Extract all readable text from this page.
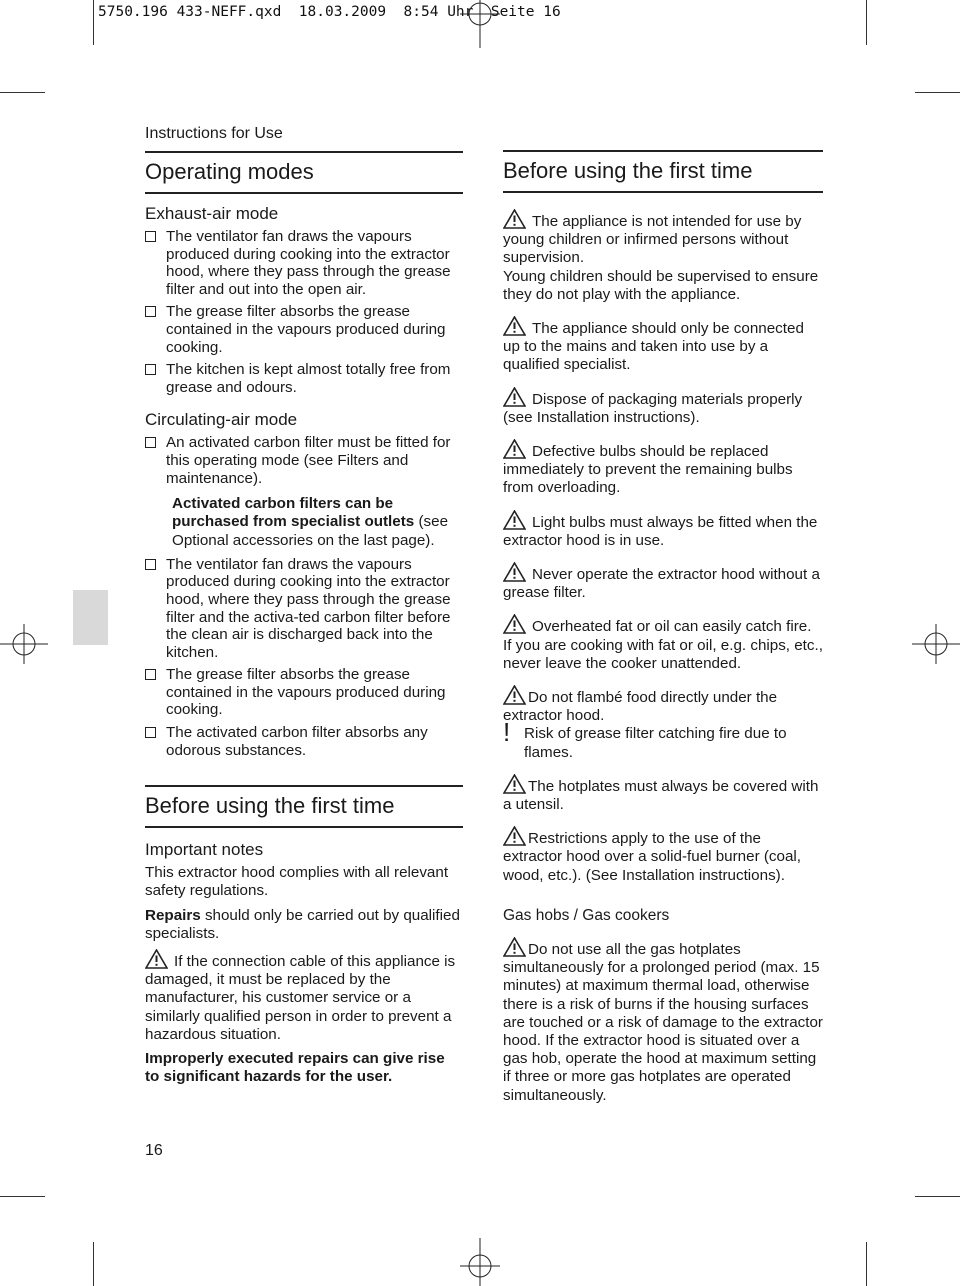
5750.196 433-NEFF.qxd  18.03.2009  8:54 Uhr  Seite 16
Instructions for Use
Operating modes
Exhaust-air mode
The ventilator fan draws the vapours produced during cooking into the extractor hood, where they pass through the grease filter and out into the open air.
The grease filter absorbs the grease contained in the vapours produced during cooking.
The kitchen is kept almost totally free from grease and odours.
Circulating-air mode
An activated carbon filter must be fitted for this operating mode (see Filters and maintenance).

Activated carbon filters can be purchased from specialist outlets (see Optional accessories on the last page).

The ventilator fan draws the vapours produced during cooking into the extractor hood, where they pass through the grease filter and the activa-ted carbon filter before the clean air is discharged back into the kitchen.
The grease filter absorbs the grease contained in the vapours produced during cooking.
The activated carbon filter absorbs any odorous substances.
Before using the first time
Important notes

This extractor hood complies with all relevant safety regulations.

Repairs should only be carried out by qualified specialists.

If the connection cable of this appliance is damaged, it must be replaced by the manufacturer, his customer service or a similarly qualified person in order to prevent a hazardous situation.

Improperly executed repairs can give rise to significant hazards for the user.

16
Before using the first time

The appliance is not intended for use by young children or infirmed persons without supervision.

Young children should be supervised to ensure they do not play with the appliance.

The appliance should only be connected up to the mains and taken into use by a qualified specialist.

Dispose of packaging materials properly (see Installation instructions).

Defective bulbs should be replaced immediately to prevent the remaining bulbs from overloading.

Light bulbs must always be fitted when the extractor hood is in use.

Never operate the extractor hood without a grease filter.

Overheated fat or oil can easily catch fire.

If you are cooking with fat or oil, e.g. chips, etc., never leave the cooker unattended.

Do not flambé food directly under the extractor hood.

! Risk of grease filter catching fire due to flames.

The hotplates must always be covered with a utensil.

Restrictions apply to the use of the extractor hood over a solid-fuel burner (coal, wood, etc.). (See Installation instructions).

Gas hobs / Gas cookers

Do not use all the gas hotplates simultaneously for a prolonged period (max. 15 minutes) at maximum thermal load, otherwise there is a risk of burns if the housing surfaces are touched or a risk of damage to the extractor hood. If the extractor hood is situated over a gas hob, operate the hood at maximum setting if three or more gas hotplates are operated simultaneously.
